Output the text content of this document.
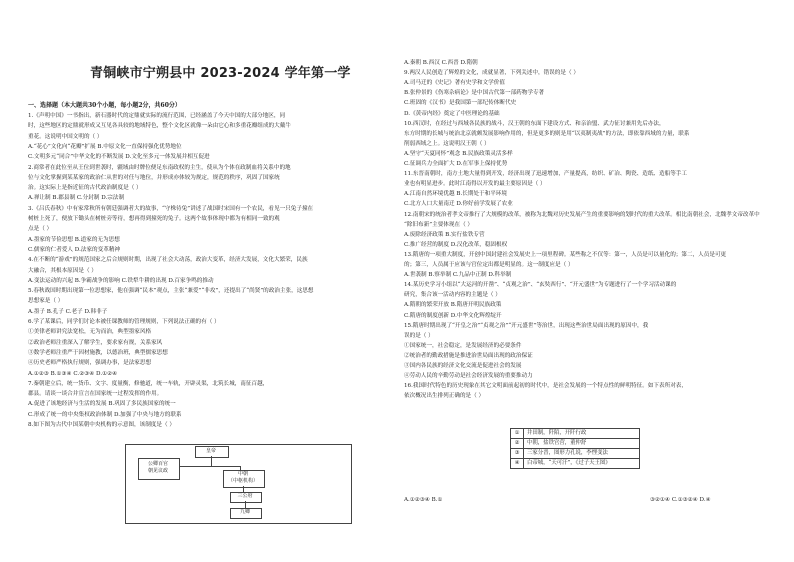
青铜峡市宁朔县中 2023-2024 学年第一学
一、选择题（本大题共30个小题，每小题2分，共60分）
1.《声明中国》一书指出，新石器时代的定鼎就实际的流行范围，已经涵盖了今天中国的大部分地区，同
时，这些地区的定鼎就形成又互见各具较的地域特色，整个文化区就像一朵由它心和多重花瓣组成的大戴牛
重花。这说明中国文明的（ ）
A.“花心”文化向“花瓣”扩展 B.中原文化一直保持强化优势地位
C.文明多元“同合”中华文化的不断发展 D.文化至多元一体发展并相互促进
2.商常者在此位至从王位到世袭时，疆域由时牌位便足东南政权的主生，使从为个体在政制血将关系中的地
位与文化掌握到某某家的政治仁从世的对任与地位，并形成亦体较为规定，规范的秩序，巩固了国家统
治。这实际上是指近征的古代政治制度是（ ）
A.禅让制 B.郡县制 C.分封制 D.宗法制
3.《吕氏春秋》中有家常秋所有朝廷强调者大的故事，“守株待兔”讲述了战国时宋国有一个农民，看见一只兔子撞在
树桩上死了，便放下锄头在树桩旁等待，想再得到撞死的兔子。这两个故事体现中都为有相同一致的观
点是（ ）
A.墨家的节俭思想 B.道家的无为思想
C.儒家的仁者爱人 D.法家的变革精神
4.在不断的“游戏”的规范国家之后合规则时期，出现了社会大动荡，政治大变革，经济大发展，文化大繁荣，民族
大融合，其根本原因是（ ）
A.变法运动的兴起 B.争霸战争的影响 C.铁犁牛耕的出现 D.百家争鸣的推动
5.春秋战国时期出现第一位思想家，他在强调“民本”观点，主张“兼爱”“非攻”，还提出了“尚贤”的政治主张，这思想
思想家是（ ）
A.墨子 B.孔子 C.老子 D.韩非子
6.学了某课后，同学们讨论本被任课教师的管理规则，下列说法正确的有（ ）
①美律老师讲究法宽松，无为而治，典型墨家风格
②政治老师注重深入了解学生，要求家有规，关系家风
③数学老师注重严于因材施教，以德治班，典型儒家思想
④历史老师严格执行规则，强调办事，是法家思想
A.①②③ B.①③④ C.②③④ D.①②④
7.秦朝建立后，统一货币、文字、度量衡，修驰道，统一车轨，开辟灵渠，北筑长城，南征百越，
郡县。请谈一谈合并宣言在国家统一过程发挥的作用。
A.促进了该地经济与生活的发展 B.巩固了多民族国家的统一
C.形成了统一的中央集权政治体制 D.加强了中央与地方的联系
8.如下图为古代中国某朝中央机构的示意图，该制度是（ ）
A.秦朝 B.西汉 C.西晋 D.隋朝
9.两汉人民创造了辉煌的文化，成就显著，下列关述中，错误的是（ ）
A.司马迁的《史记》著有史学和文学价值
B.张仲景的《伤寒杂病论》是中国古代第一部药物学专著
C.班固的《汉书》是我国第一部纪传体断代史
D.《黄帝内经》奠定了中医理论的基础
10.西汉时，在经过与西域各民族的战斗，汉王朝的东面下建设方式、和亲治盟、武力征讨兼用先后办法，
东方时期的长城与统治北京就颇发展影响作用的，但是更多的则是用“以夷制夷战”的方法，即依靠西域的力量，联系
削弱西域之上。这说明汉王朝（ ）
A.坚守“天夏同怀”观念 B.民族政策灵活多样
C.征调兵力全面扩大 D.在军事上保持优势
11.东晋南朝时，南方土地大量得到开发，经济出现了迅速增加，产量提高，纺织、矿冶、陶瓷、造纸、造船等手工
业也有明显进步。此时江南得以开发的最主要原因是（ ）
A.江南自然环境优越 B.长期处于和平环境
C.北方人口大量南迁 D.你好前学发展了农业
12.南朝宋的统治者孝文帝推行了大规模的改革，被称为北魏对历史发展产生的重要影响的划时代的重大改革。相比南朝社会，北魏孝文帝改革中
“除旧布新”主要体现在（ ）
A.废除经济政策 B.实行盐铁专营
C.推广经营的制度 D.汉化改革，稳固根权
13.隋唐的一项重大制度，开创中国封建社会发展史上一项里程碑。某些称之不仅等：第一，人员是可以量化的；第二，人员是可更
的；第三，人员属于应该与官位定出都是明显的。这一制度应是（ ）
A.世袭制 B.察举制 C.九品中正制 D.科举制
14.某历史学习小组以“大运河的开凿”、“贞观之治”、“玄奘西行”、“开元盛世”为专题进行了一个学习活动课的
研究，集合该一活动内容的主题是（ ）
A.隋朝的繁荣开放 B.隋唐开明民族政策
C.隋唐的制度创新 D.中华文化辉煌绽开
15.隋唐时期出现了“开皇之治”“贞观之治”“开元盛世”等治世，出现这些治世局面出现的原因中，我
误的是（ ）
①国家统一，社会稳定，是发展经济的必要条件
②统治者的勤政措施是推进治世局面出现的政治保证
③国内各民族的经济文化交流是促进社会的发展
④劳动人民的辛勤劳动是社会经济发展的重要推动力
16.我国时代特色的历史现象在其它文明面前起初的时代中，是社会发展的一个特点性的鲜明特征。如下表所对表，
依次概况出生排列正确的是（ ）
皇帝
公卿百官
朝见议政	中朝
（中枢机构）
三公府
九卿
①	井田制，阡陌，开阡行政
②	中朝，盐铁官营，董仲舒
③	三家分晋，图形力孔说，李悝变法
④	白帝城，“天可汗”，《过子天王图》
A.①②③④ B.①	③②①④ C.①③②④ D.④
